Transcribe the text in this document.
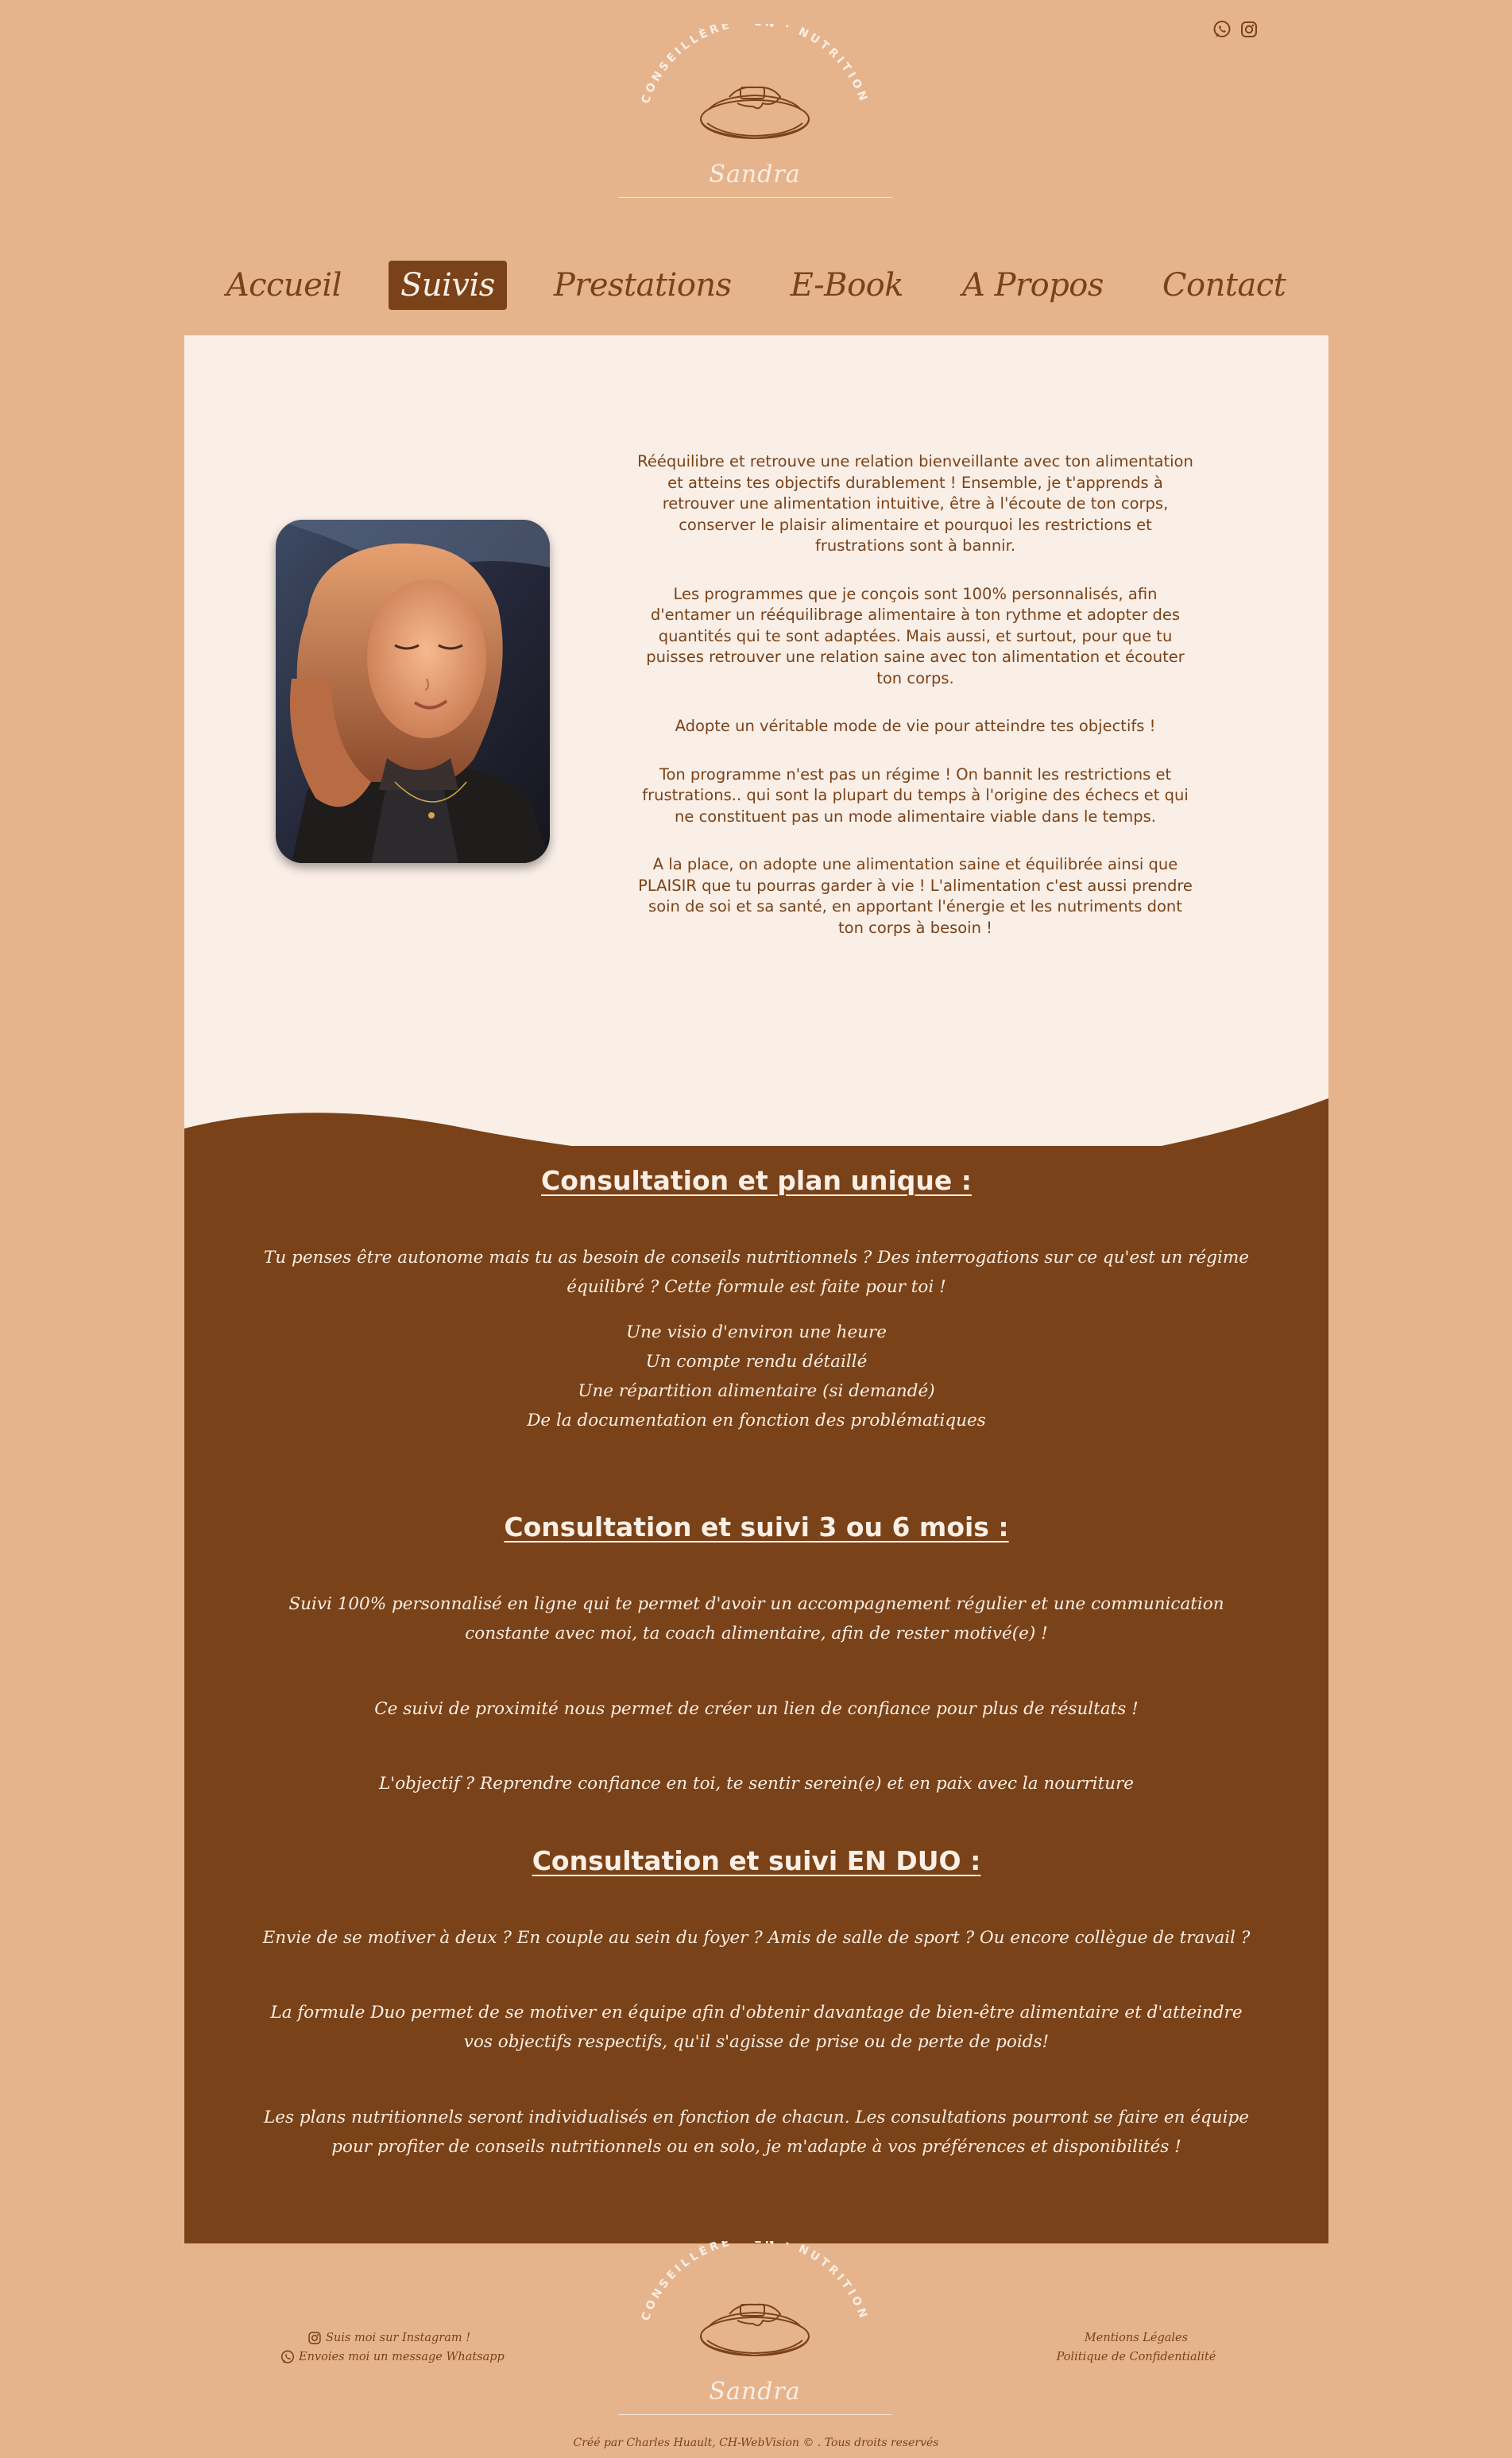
CONSEILLÈRE · NUTRITION
Sandra
Accueil	Suivis	Prestations	E-Book	A Propos	Contact

Rééquilibre et retrouve une relation bienveillante avec ton alimentation et atteins tes objectifs durablement ! Ensemble, je t'apprends à retrouver une alimentation intuitive, être à l'écoute de ton corps, conserver le plaisir alimentaire et pourquoi les restrictions et frustrations sont à bannir.

Les programmes que je conçois sont 100% personnalisés, afin d'entamer un rééquilibrage alimentaire à ton rythme et adopter des quantités qui te sont adaptées. Mais aussi, et surtout, pour que tu puisses retrouver une relation saine avec ton alimentation et écouter ton corps.

Adopte un véritable mode de vie pour atteindre tes objectifs !

Ton programme n'est pas un régime ! On bannit les restrictions et frustrations.. qui sont la plupart du temps à l'origine des échecs et qui ne constituent pas un mode alimentaire viable dans le temps.

A la place, on adopte une alimentation saine et équilibrée ainsi que PLAISIR que tu pourras garder à vie ! L'alimentation c'est aussi prendre soin de soi et sa santé, en apportant l'énergie et les nutriments dont ton corps à besoin !

Consultation et plan unique :

Tu penses être autonome mais tu as besoin de conseils nutritionnels ? Des interrogations sur ce qu'est un régime équilibré ? Cette formule est faite pour toi !

Une visio d'environ une heure
Un compte rendu détaillé
Une répartition alimentaire (si demandé)
De la documentation en fonction des problématiques
Consultation et suivi 3 ou 6 mois :

Suivi 100% personnalisé en ligne qui te permet d'avoir un accompagnement régulier et une communication constante avec moi, ta coach alimentaire, afin de rester motivé(e) !

Ce suivi de proximité nous permet de créer un lien de confiance pour plus de résultats !

L'objectif ? Reprendre confiance en toi, te sentir serein(e) et en paix avec la nourriture

Consultation et suivi EN DUO :

Envie de se motiver à deux ? En couple au sein du foyer ? Amis de salle de sport ? Ou encore collègue de travail ?

La formule Duo permet de se motiver en équipe afin d'obtenir davantage de bien-être alimentaire et d'atteindre vos objectifs respectifs, qu'il s'agisse de prise ou de perte de poids!

Les plans nutritionnels seront individualisés en fonction de chacun. Les consultations pourront se faire en équipe pour profiter de conseils nutritionnels ou en solo, je m'adapte à vos préférences et disponibilités !

Suis moi sur Instagram !
Envoies moi un message Whatsapp
CONSEILLÈRE · NUTRITION
Sandra
Mentions Légales
Politique de Confidentialité
Créé par Charles Huault, CH-WebVision © . Tous droits reservés
